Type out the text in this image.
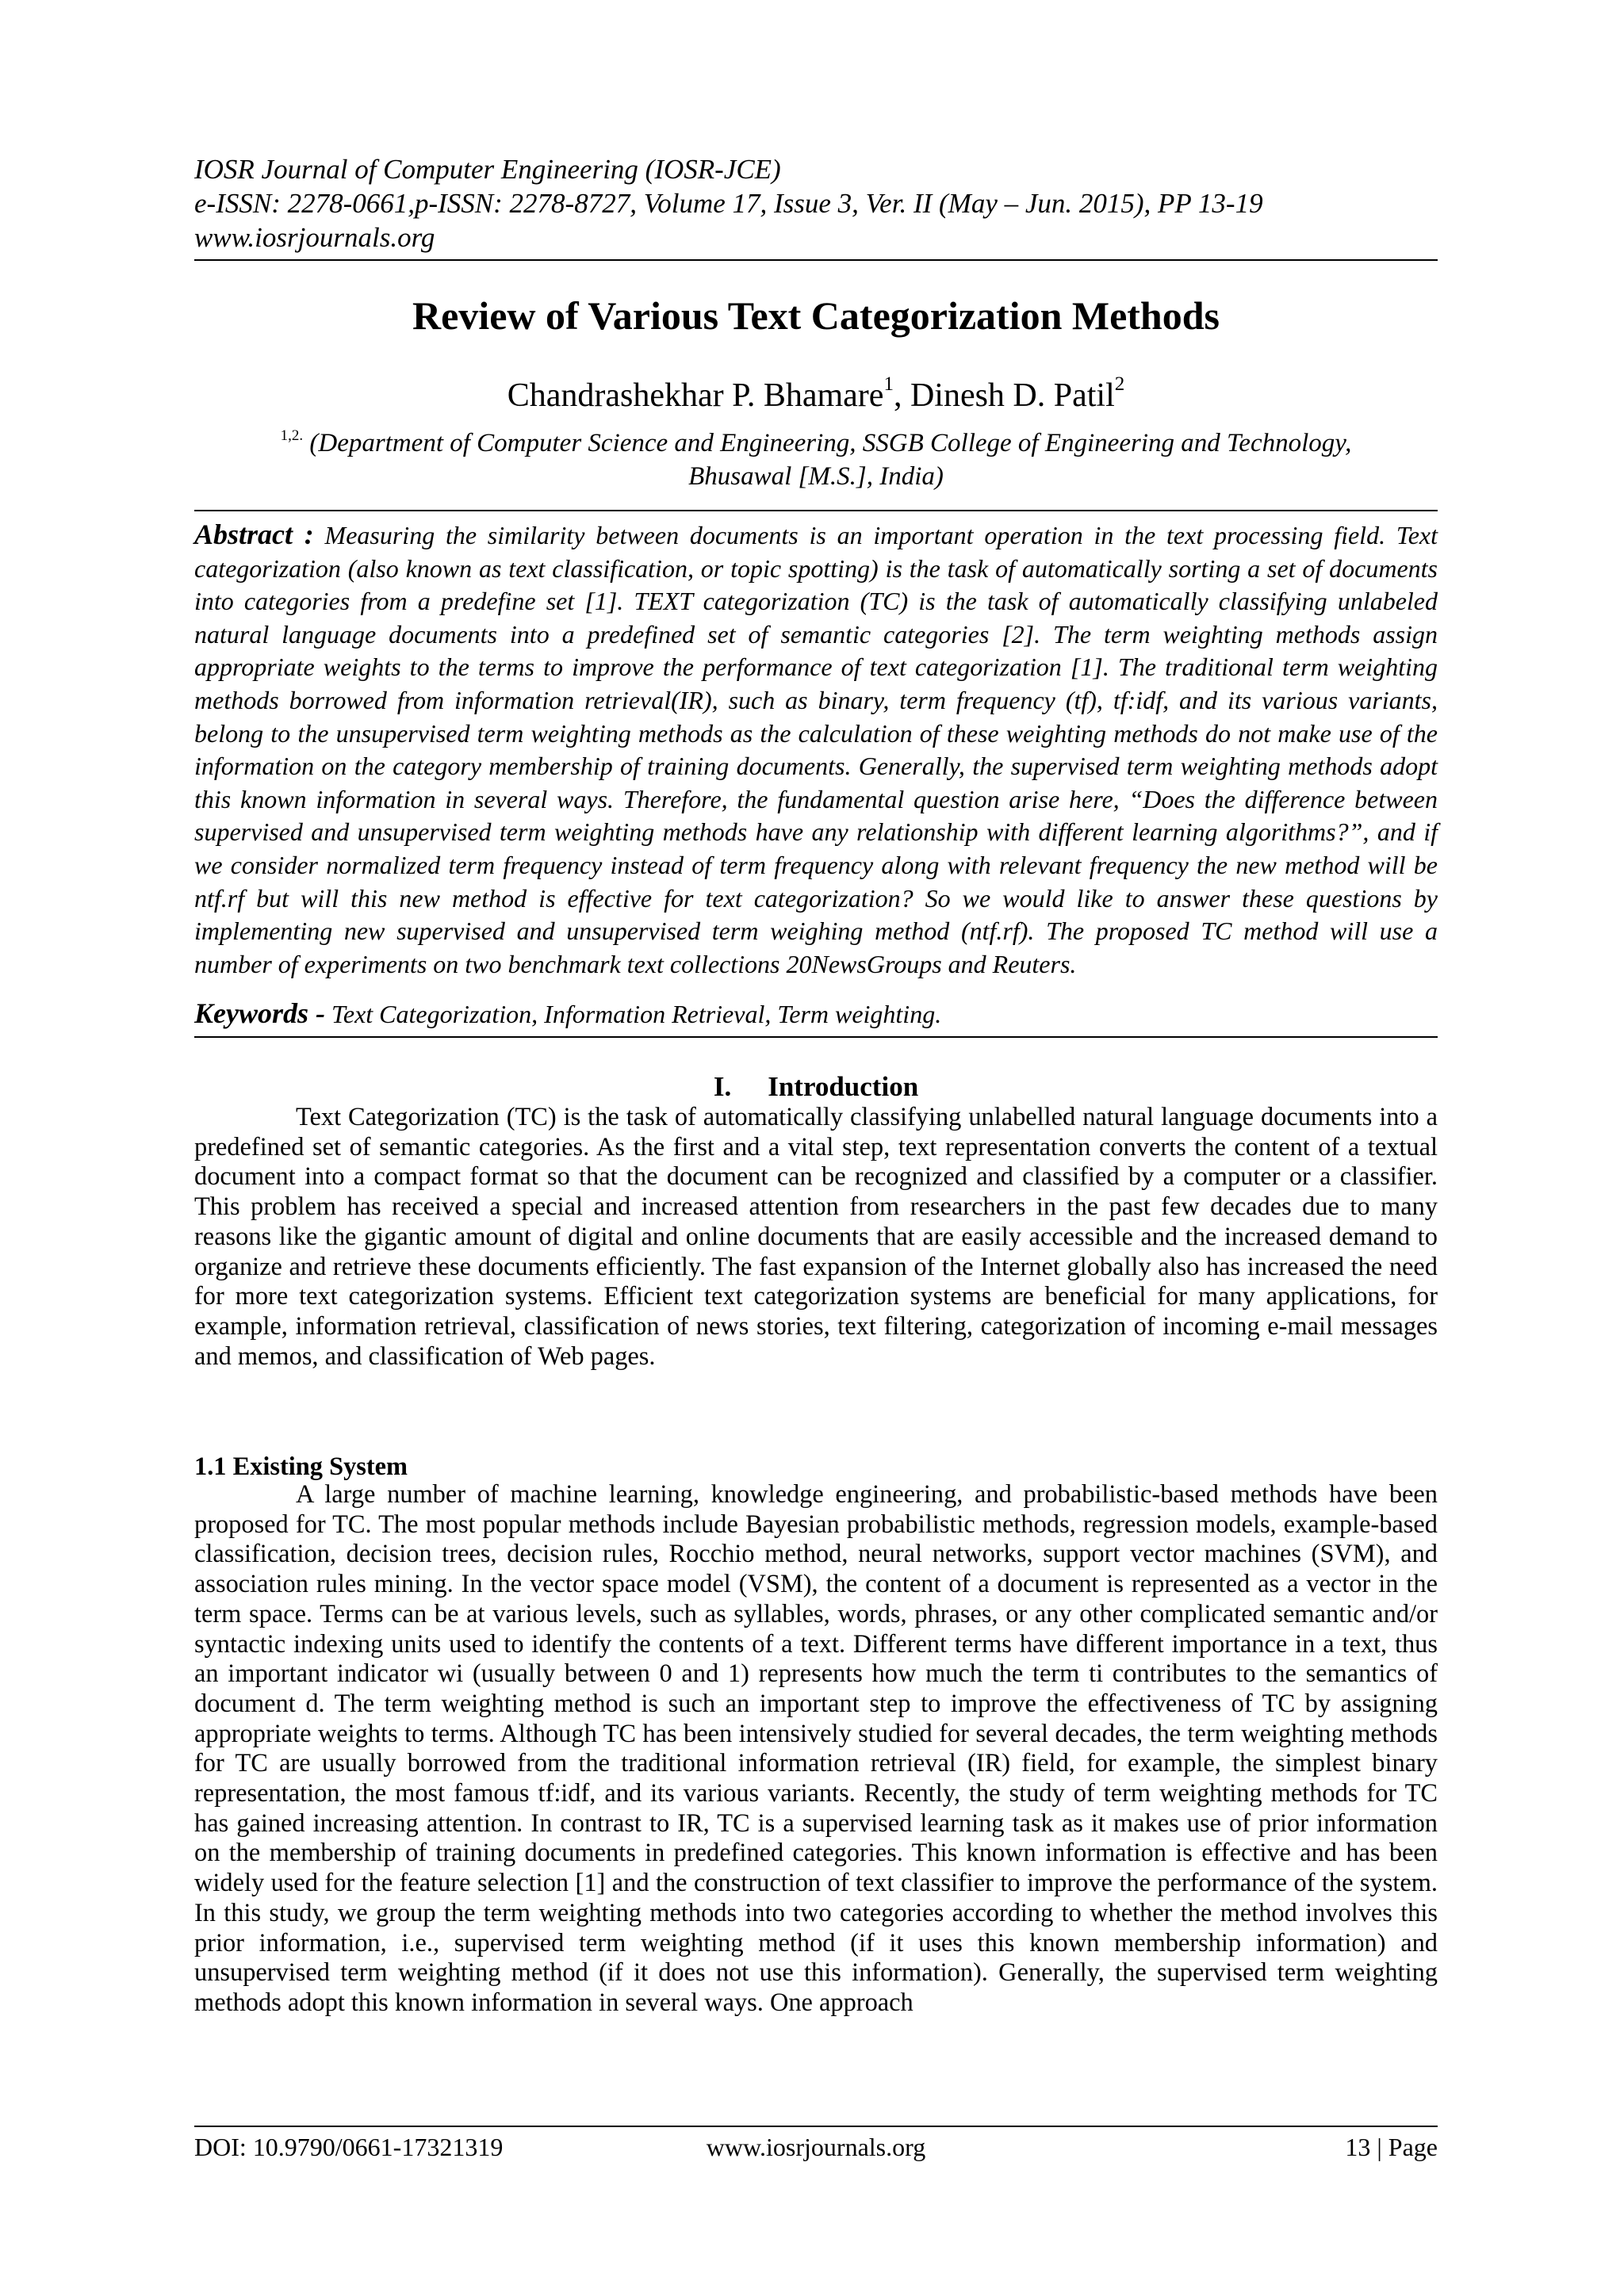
IOSR Journal of Computer Engineering (IOSR-JCE)
e-ISSN: 2278-0661,p-ISSN: 2278-8727, Volume 17, Issue 3, Ver. II (May – Jun. 2015), PP 13-19
www.iosrjournals.org
Review of Various Text Categorization Methods
Chandrashekhar P. Bhamare$^1$, Dinesh D. Patil$^2$
$^{1,2.}$ (Department of Computer Science and Engineering, SSGB College of Engineering and Technology, Bhusawal [M.S.], India)
Abstract : Measuring the similarity between documents is an important operation in the text processing field. Text categorization (also known as text classification, or topic spotting) is the task of automatically sorting a set of documents into categories from a predefine set [1]. TEXT categorization (TC) is the task of automatically classifying unlabeled natural language documents into a predefined set of semantic categories [2]. The term weighting methods assign appropriate weights to the terms to improve the performance of text categorization [1]. The traditional term weighting methods borrowed from information retrieval(IR), such as binary, term frequency (tf), tf:idf, and its various variants, belong to the unsupervised term weighting methods as the calculation of these weighting methods do not make use of the information on the category membership of training documents. Generally, the supervised term weighting methods adopt this known information in several ways. Therefore, the fundamental question arise here, “Does the difference between supervised and unsupervised term weighting methods have any relationship with different learning algorithms?”, and if we consider normalized term frequency instead of term frequency along with relevant frequency the new method will be ntf.rf but will this new method is effective for text categorization? So we would like to answer these questions by implementing new supervised and unsupervised term weighing method (ntf.rf). The proposed TC method will use a number of experiments on two benchmark text collections 20NewsGroups and Reuters.
Keywords - Text Categorization, Information Retrieval, Term weighting.
I. Introduction
Text Categorization (TC) is the task of automatically classifying unlabelled natural language documents into a predefined set of semantic categories. As the first and a vital step, text representation converts the content of a textual document into a compact format so that the document can be recognized and classified by a computer or a classifier. This problem has received a special and increased attention from researchers in the past few decades due to many reasons like the gigantic amount of digital and online documents that are easily accessible and the increased demand to organize and retrieve these documents efficiently. The fast expansion of the Internet globally also has increased the need for more text categorization systems. Efficient text categorization systems are beneficial for many applications, for example, information retrieval, classification of news stories, text filtering, categorization of incoming e-mail messages and memos, and classification of Web pages.
1.1 Existing System
A large number of machine learning, knowledge engineering, and probabilistic-based methods have been proposed for TC. The most popular methods include Bayesian probabilistic methods, regression models, example-based classification, decision trees, decision rules, Rocchio method, neural networks, support vector machines (SVM), and association rules mining. In the vector space model (VSM), the content of a document is represented as a vector in the term space. Terms can be at various levels, such as syllables, words, phrases, or any other complicated semantic and/or syntactic indexing units used to identify the contents of a text. Different terms have different importance in a text, thus an important indicator wi (usually between 0 and 1) represents how much the term ti contributes to the semantics of document d. The term weighting method is such an important step to improve the effectiveness of TC by assigning appropriate weights to terms. Although TC has been intensively studied for several decades, the term weighting methods for TC are usually borrowed from the traditional information retrieval (IR) field, for example, the simplest binary representation, the most famous tf:idf, and its various variants. Recently, the study of term weighting methods for TC has gained increasing attention. In contrast to IR, TC is a supervised learning task as it makes use of prior information on the membership of training documents in predefined categories. This known information is effective and has been widely used for the feature selection [1] and the construction of text classifier to improve the performance of the system. In this study, we group the term weighting methods into two categories according to whether the method involves this prior information, i.e., supervised term weighting method (if it uses this known membership information) and unsupervised term weighting method (if it does not use this information). Generally, the supervised term weighting methods adopt this known information in several ways. One approach
DOI: 10.9790/0661-17321319	www.iosrjournals.org	13 | Page
